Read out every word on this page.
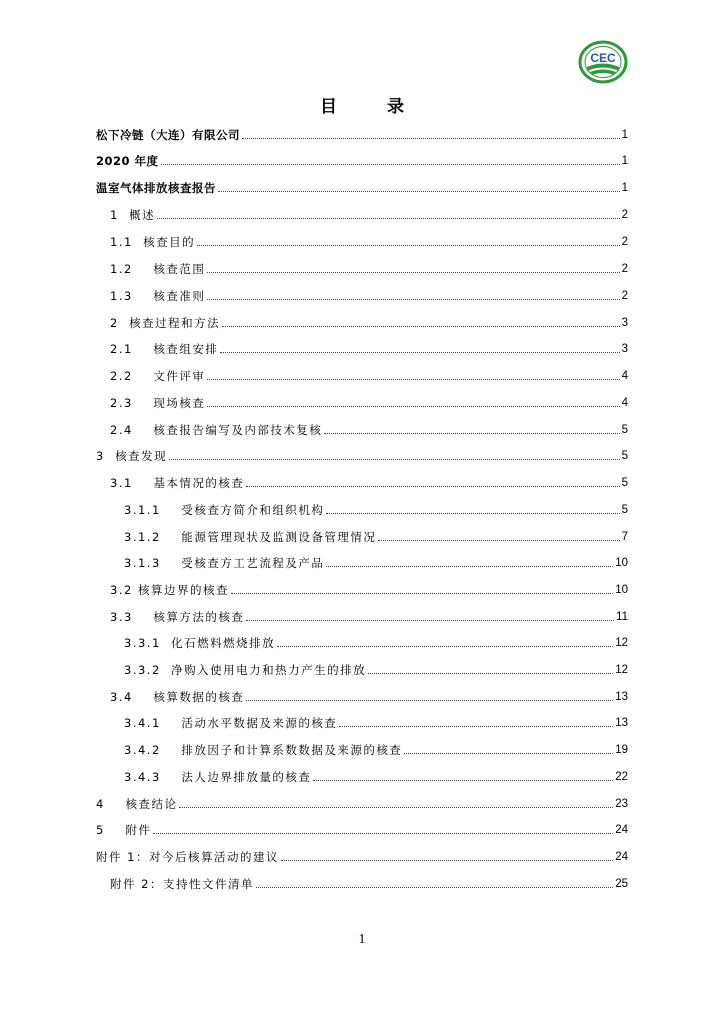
CEC
目 录
松下冷链（大连）有限公司	1
2020 年度	1
温室气体排放核查报告	1
1  概述	2
1.1  核查目的	2
1.2    核查范围	2
1.3    核查准则	2
2  核查过程和方法	3
2.1    核查组安排	3
2.2    文件评审	4
2.3    现场核查	4
2.4    核查报告编写及内部技术复核	5
3  核查发现	5
3.1    基本情况的核查	5
3.1.1    受核查方简介和组织机构	5
3.1.2    能源管理现状及监测设备管理情况	7
3.1.3    受核查方工艺流程及产品	10
3.2 核算边界的核查	10
3.3    核算方法的核查	11
3.3.1  化石燃料燃烧排放	12
3.3.2  净购入使用电力和热力产生的排放	12
3.4    核算数据的核查	13
3.4.1    活动水平数据及来源的核查	13
3.4.2    排放因子和计算系数数据及来源的核查	19
3.4.3    法人边界排放量的核查	22
4    核查结论	23
5    附件	24
附件 1：对今后核算活动的建议	24
附件 2：支持性文件清单	25
1
